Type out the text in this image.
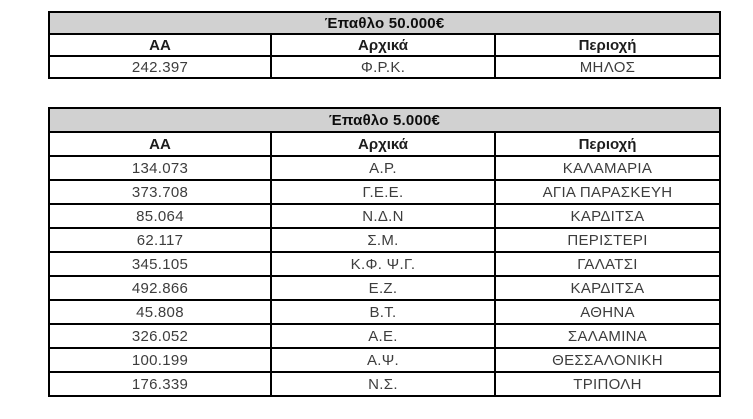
Έπαθλο 50.000€		
ΑΑ	Αρχικά	Περιοχή
242.397	Φ.Ρ.Κ.	ΜΗΛΟΣ
Έπαθλο 5.000€		
ΑΑ	Αρχικά	Περιοχή
134.073	Α.Ρ.	ΚΑΛΑΜΑΡΙΑ
373.708	Γ.Ε.Ε.	ΑΓΙΑ ΠΑΡΑΣΚΕΥΗ
85.064	Ν.Δ.Ν	ΚΑΡΔΙΤΣΑ
62.117	Σ.Μ.	ΠΕΡΙΣΤΕΡΙ
345.105	Κ.Φ. Ψ.Γ.	ΓΑΛΑΤΣΙ
492.866	Ε.Ζ.	ΚΑΡΔΙΤΣΑ
45.808	Β.Τ.	ΑΘΗΝΑ
326.052	Α.Ε.	ΣΑΛΑΜΙΝΑ
100.199	Α.Ψ.	ΘΕΣΣΑΛΟΝΙΚΗ
176.339	Ν.Σ.	ΤΡΙΠΟΛΗ
